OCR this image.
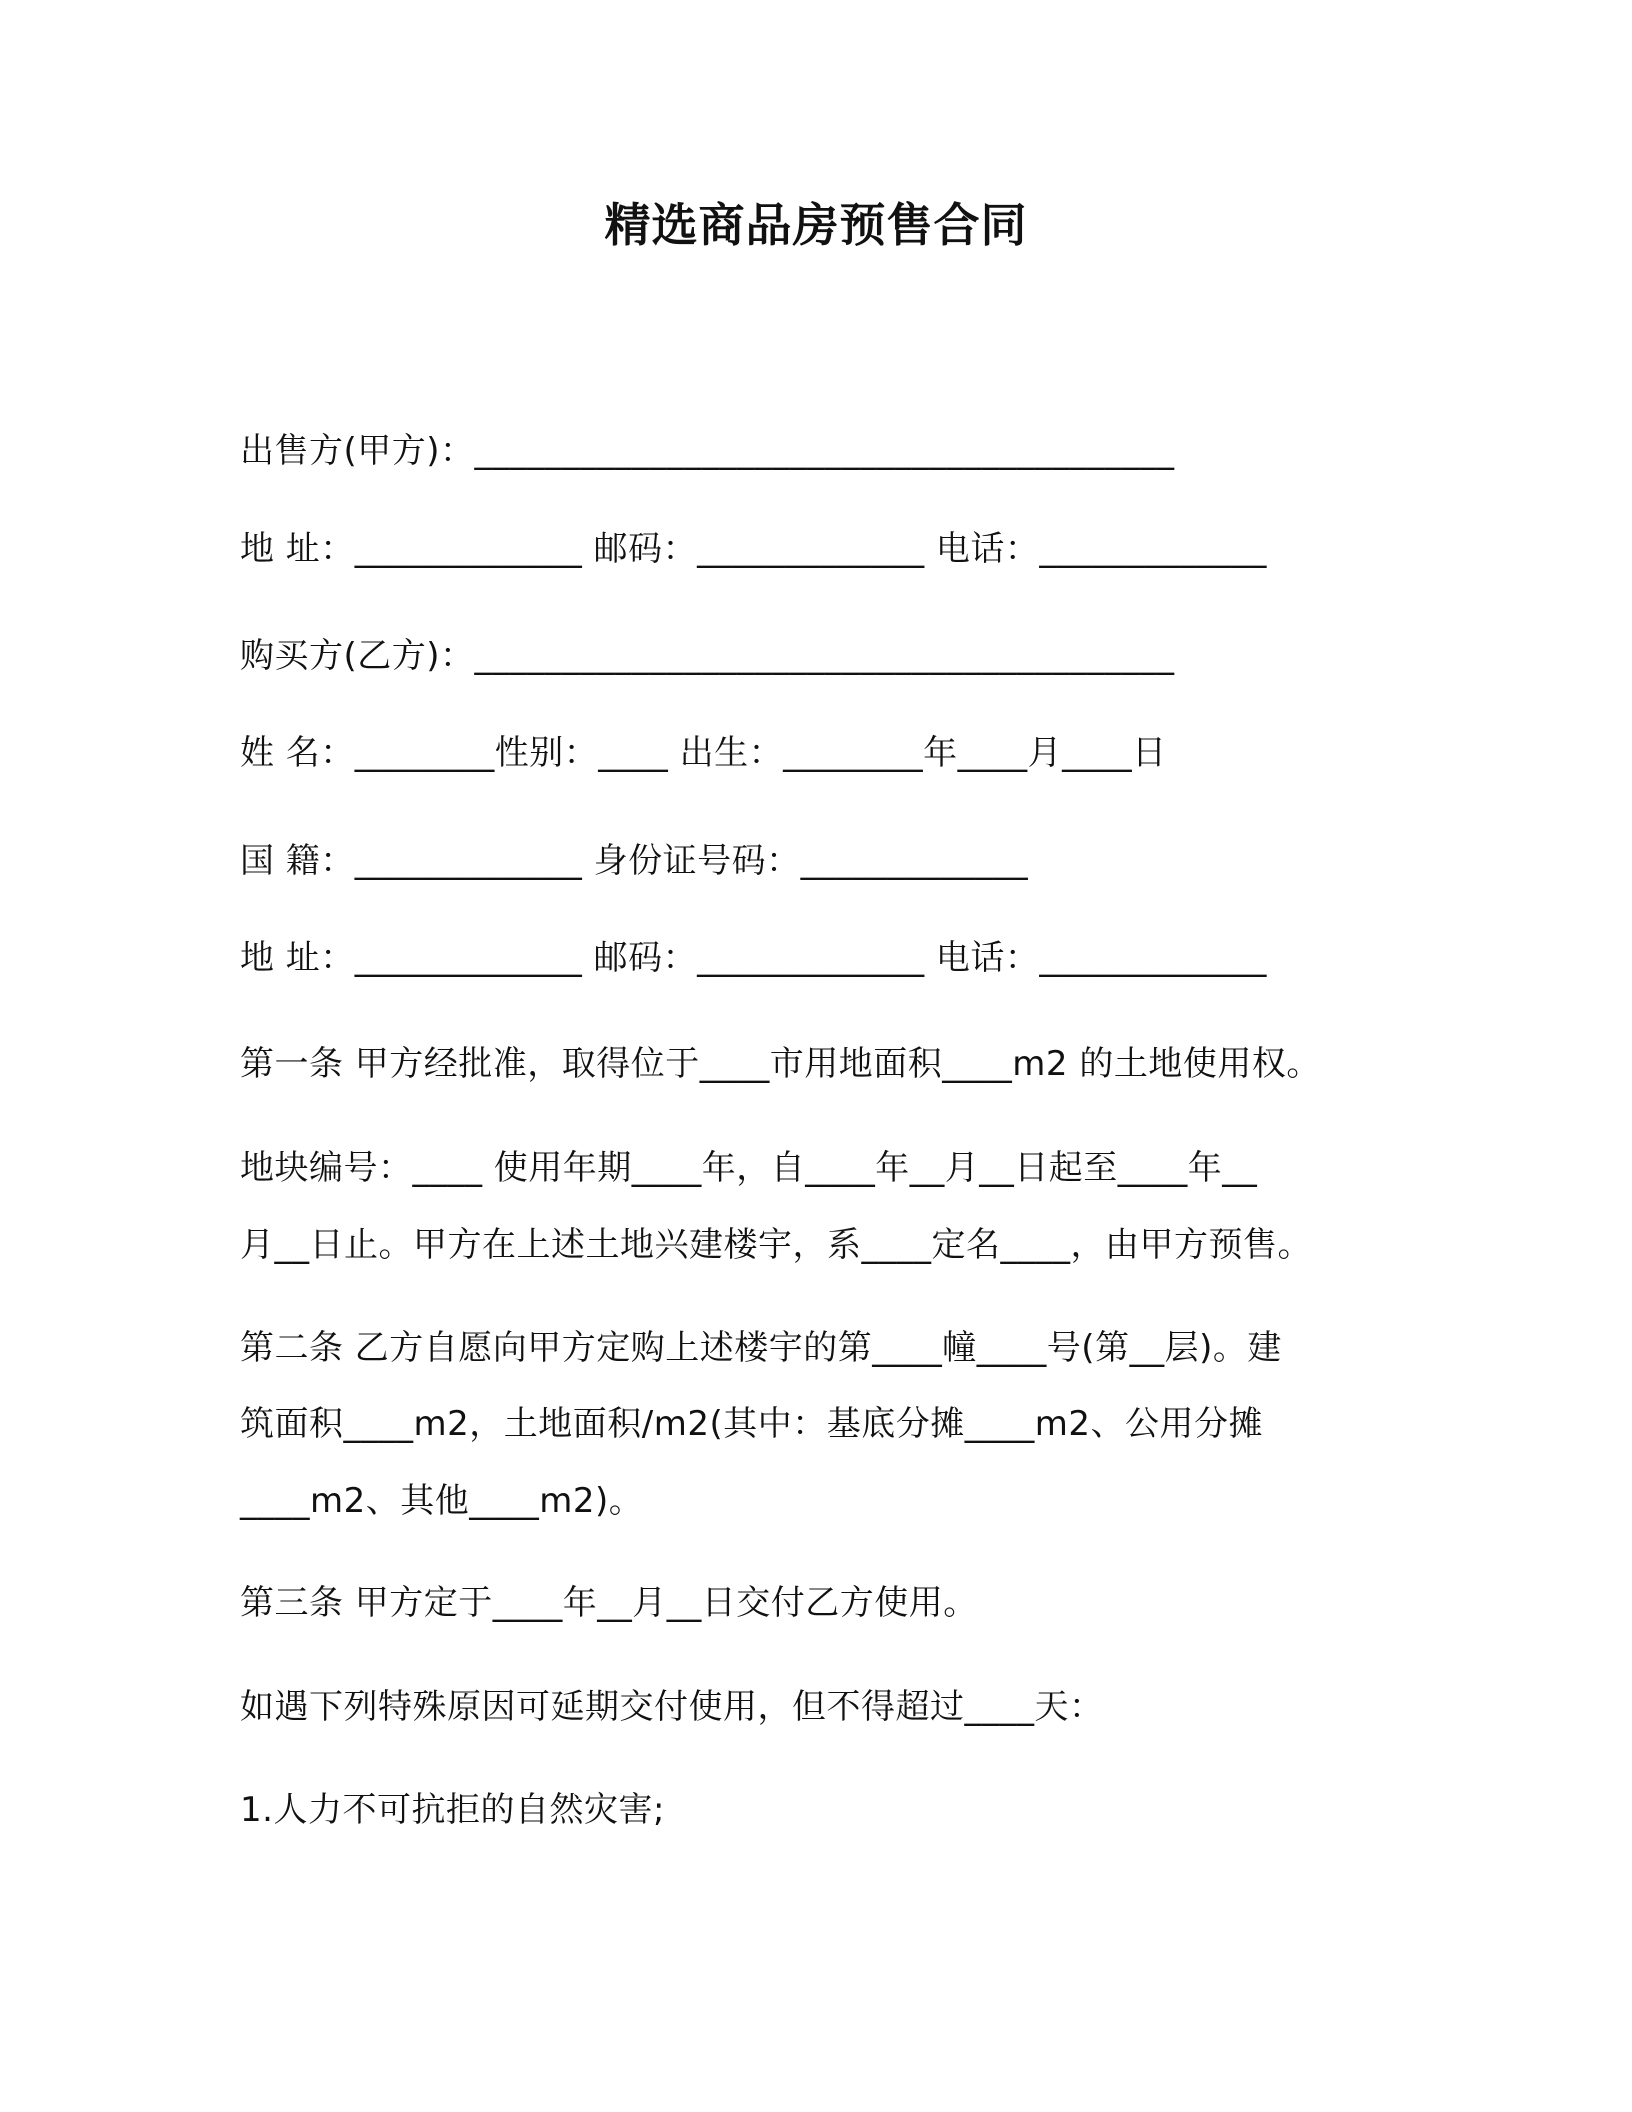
精选商品房预售合同
出售方(甲方)：________________________________________
地 址：_____________ 邮码：_____________ 电话：_____________
购买方(乙方)：________________________________________
姓 名：________性别：____ 出生：________年____月____日
国 籍：_____________ 身份证号码：_____________
地 址：_____________ 邮码：_____________ 电话：_____________
第一条 甲方经批准，取得位于____市用地面积____m2 的土地使用权。
地块编号：____ 使用年期____年，自____年__月__日起至____年__
月__日止。甲方在上述土地兴建楼宇，系____定名____，由甲方预售。
第二条 乙方自愿向甲方定购上述楼宇的第____幢____号(第__层)。建
筑面积____m2，土地面积/m2(其中：基底分摊____m2、公用分摊
____m2、其他____m2)。
第三条 甲方定于____年__月__日交付乙方使用。
如遇下列特殊原因可延期交付使用，但不得超过____天：
1.人力不可抗拒的自然灾害;
